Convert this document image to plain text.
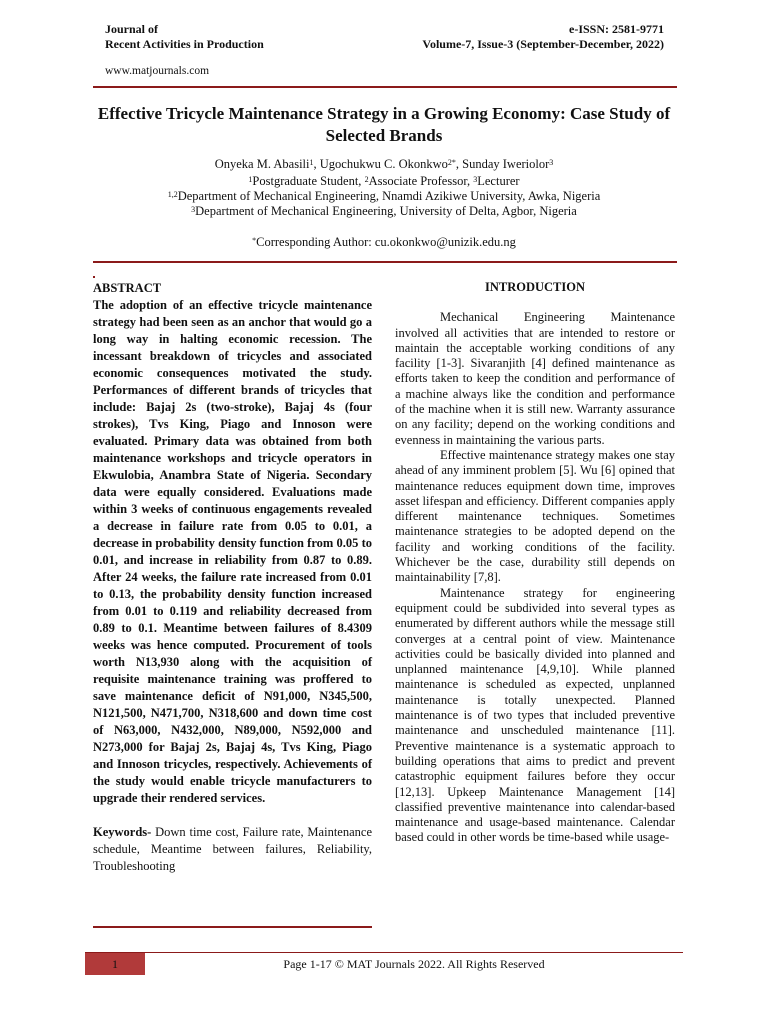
Journal of
Recent Activities in Production
e-ISSN: 2581-9771
Volume-7, Issue-3 (September-December, 2022)
www.matjournals.com
Effective Tricycle Maintenance Strategy in a Growing Economy: Case Study of Selected Brands
Onyeka M. Abasili$^1$, Ugochukwu C. Okonkwo$^{2*}$, Sunday Iweriolor$^3$
$^1$Postgraduate Student, $^2$Associate Professor, $^3$Lecturer
$^{1,2}$Department of Mechanical Engineering, Nnamdi Azikiwe University, Awka, Nigeria
$^3$Department of Mechanical Engineering, University of Delta, Agbor, Nigeria
*Corresponding Author: cu.okonkwo@unizik.edu.ng
ABSTRACT
The adoption of an effective tricycle maintenance strategy had been seen as an anchor that would go a long way in halting economic recession. The incessant breakdown of tricycles and associated economic consequences motivated the study. Performances of different brands of tricycles that include: Bajaj 2s (two-stroke), Bajaj 4s (four strokes), Tvs King, Piago and Innoson were evaluated. Primary data was obtained from both maintenance workshops and tricycle operators in Ekwulobia, Anambra State of Nigeria. Secondary data were equally considered. Evaluations made within 3 weeks of continuous engagements revealed a decrease in failure rate from 0.05 to 0.01, a decrease in probability density function from 0.05 to 0.01, and increase in reliability from 0.87 to 0.89. After 24 weeks, the failure rate increased from 0.01 to 0.13, the probability density function increased from 0.01 to 0.119 and reliability decreased from 0.89 to 0.1. Meantime between failures of 8.4309 weeks was hence computed. Procurement of tools worth N13,930 along with the acquisition of requisite maintenance training was proffered to save maintenance deficit of N91,000, N345,500, N121,500, N471,700, N318,600 and down time cost of N63,000, N432,000, N89,000, N592,000 and N273,000 for Bajaj 2s, Bajaj 4s, Tvs King, Piago and Innoson tricycles, respectively. Achievements of the study would enable tricycle manufacturers to upgrade their rendered services.
Keywords- Down time cost, Failure rate, Maintenance schedule, Meantime between failures, Reliability, Troubleshooting
INTRODUCTION

Mechanical Engineering Maintenance involved all activities that are intended to restore or maintain the acceptable working conditions of any facility [1-3]. Sivaranjith [4] defined maintenance as efforts taken to keep the condition and performance of a machine always like the condition and performance of the machine when it is still new. Warranty assurance on any facility; depend on the working conditions and evenness in maintaining the various parts.

Effective maintenance strategy makes one stay ahead of any imminent problem [5]. Wu [6] opined that maintenance reduces equipment down time, improves asset lifespan and efficiency. Different companies apply different maintenance techniques. Sometimes maintenance strategies to be adopted depend on the facility and working conditions of the facility. Whichever be the case, durability still depends on maintainability [7,8].

Maintenance strategy for engineering equipment could be subdivided into several types as enumerated by different authors while the message still converges at a central point of view. Maintenance activities could be basically divided into planned and unplanned maintenance [4,9,10]. While planned maintenance is scheduled as expected, unplanned maintenance is totally unexpected. Planned maintenance is of two types that included preventive maintenance and unscheduled maintenance [11]. Preventive maintenance is a systematic approach to building operations that aims to predict and prevent catastrophic equipment failures before they occur [12,13]. Upkeep Maintenance Management [14] classified preventive maintenance into calendar-based maintenance and usage-based maintenance. Calendar based could in other words be time-based while usage-

1	Page 1-17 © MAT Journals 2022. All Rights Reserved
